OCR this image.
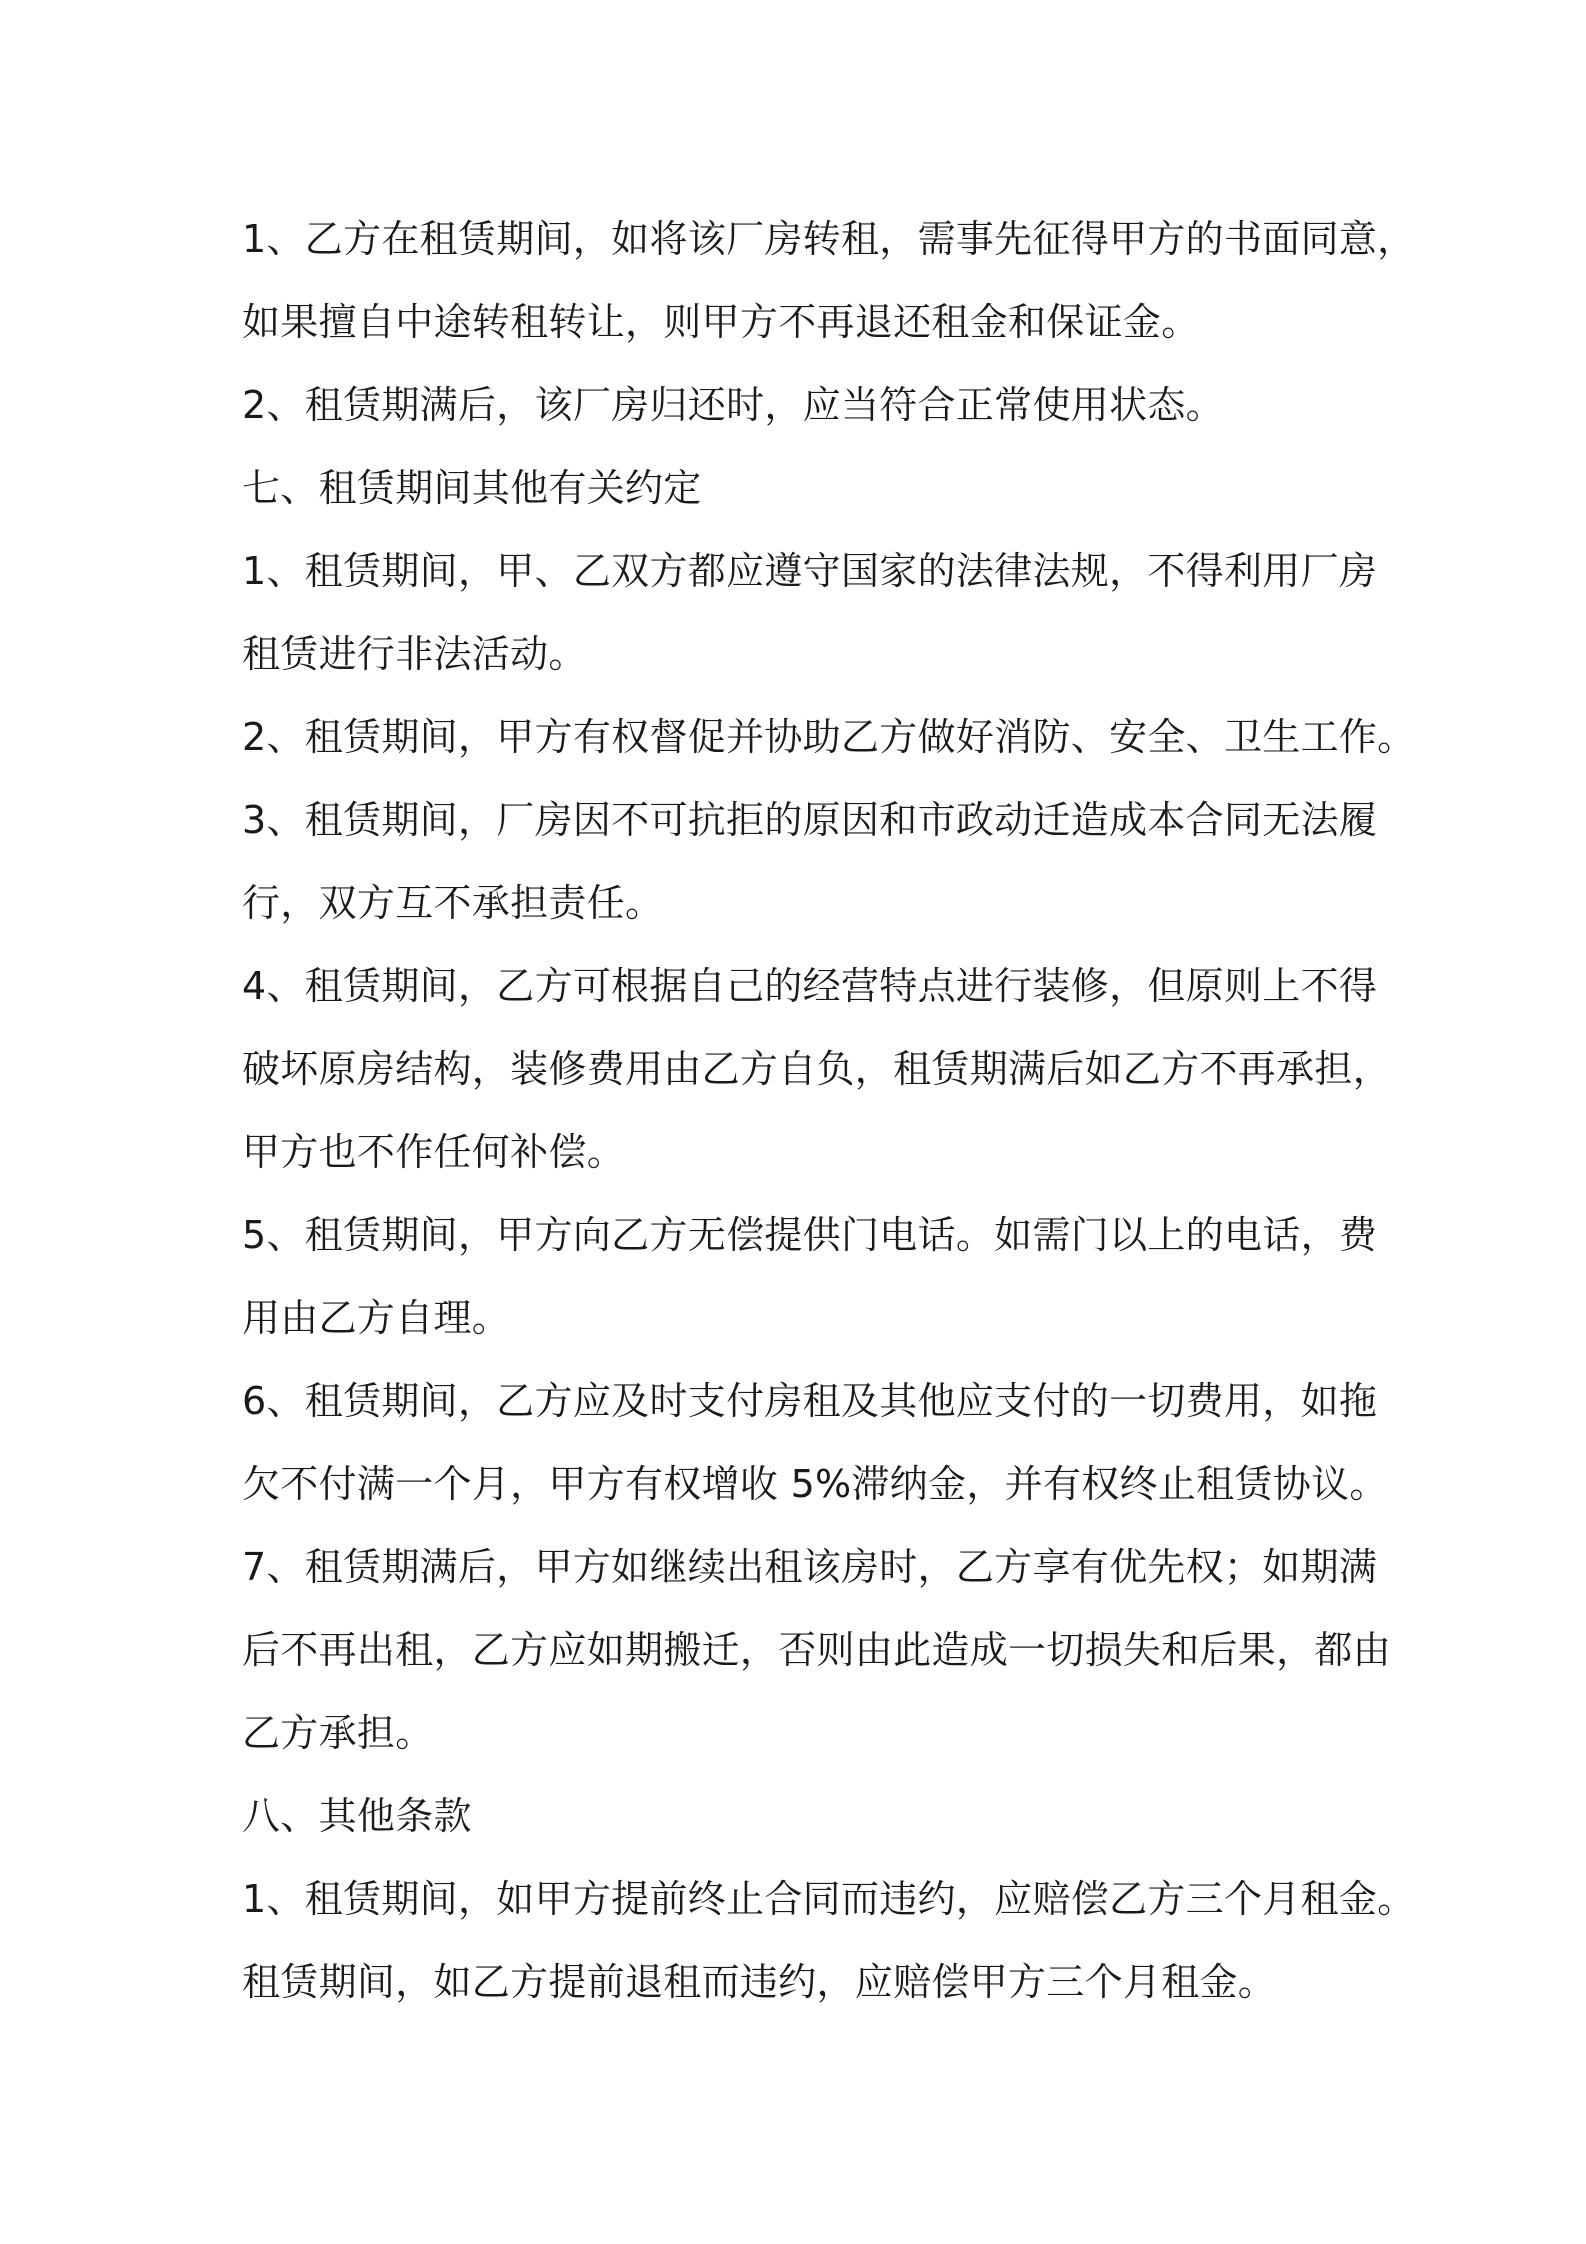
1、乙方在租赁期间，如将该厂房转租，需事先征得甲方的书面同意，
如果擅自中途转租转让，则甲方不再退还租金和保证金。

2、租赁期满后，该厂房归还时，应当符合正常使用状态。

七、租赁期间其他有关约定

1、租赁期间，甲、乙双方都应遵守国家的法律法规，不得利用厂房
租赁进行非法活动。

2、租赁期间，甲方有权督促并协助乙方做好消防、安全、卫生工作。

3、租赁期间，厂房因不可抗拒的原因和市政动迁造成本合同无法履
行，双方互不承担责任。

4、租赁期间，乙方可根据自己的经营特点进行装修，但原则上不得
破坏原房结构，装修费用由乙方自负，租赁期满后如乙方不再承担，
甲方也不作任何补偿。

5、租赁期间，甲方向乙方无偿提供门电话。如需门以上的电话，费
用由乙方自理。

6、租赁期间，乙方应及时支付房租及其他应支付的一切费用，如拖
欠不付满一个月，甲方有权增收 5%滞纳金，并有权终止租赁协议。

7、租赁期满后，甲方如继续出租该房时，乙方享有优先权；如期满
后不再出租，乙方应如期搬迁，否则由此造成一切损失和后果，都由
乙方承担。

八、其他条款

1、租赁期间，如甲方提前终止合同而违约，应赔偿乙方三个月租金。
租赁期间，如乙方提前退租而违约，应赔偿甲方三个月租金。
